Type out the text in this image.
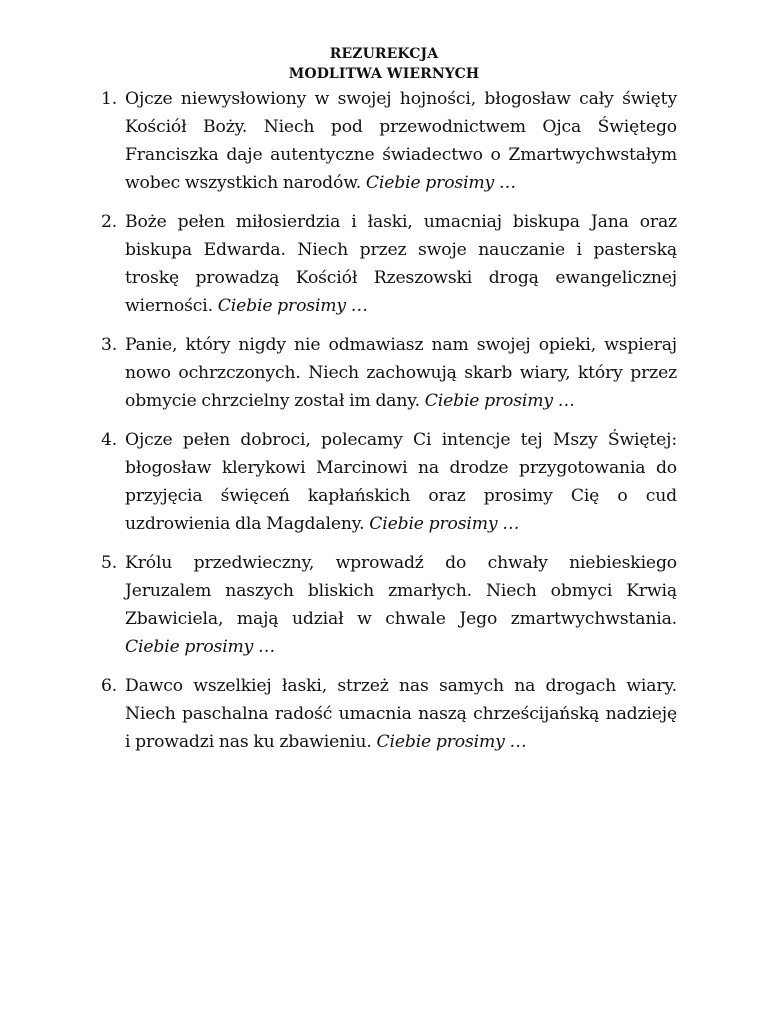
REZUREKCJA
MODLITWA WIERNYCH
1. Ojcze niewysłowiony w swojej hojności, błogosław cały święty Kościół Boży. Niech pod przewodnictwem Ojca Świętego Franciszka daje autentyczne świadectwo o Zmartwychwstałym wobec wszystkich narodów. Ciebie prosimy …
2. Boże pełen miłosierdzia i łaski, umacniaj biskupa Jana oraz biskupa Edwarda. Niech przez swoje nauczanie i pasterską troskę prowadzą Kościół Rzeszowski drogą ewangelicznej wierności. Ciebie prosimy …
3. Panie, który nigdy nie odmawiasz nam swojej opieki, wspieraj nowo ochrzczonych. Niech zachowują skarb wiary, który przez obmycie chrzcielny został im dany. Ciebie prosimy …
4. Ojcze pełen dobroci, polecamy Ci intencje tej Mszy Świętej: błogosław klerykowi Marcinowi na drodze przygotowania do przyjęcia święceń kapłańskich oraz prosimy Cię o cud uzdrowienia dla Magdaleny. Ciebie prosimy …
5. Królu przedwieczny, wprowadź do chwały niebieskiego Jeruzalem naszych bliskich zmarłych. Niech obmyci Krwią Zbawiciela, mają udział w chwale Jego zmartwychwstania. Ciebie prosimy …
6. Dawco wszelkiej łaski, strzeż nas samych na drogach wiary. Niech paschalna radość umacnia naszą chrześcijańską nadzieję i prowadzi nas ku zbawieniu. Ciebie prosimy …
